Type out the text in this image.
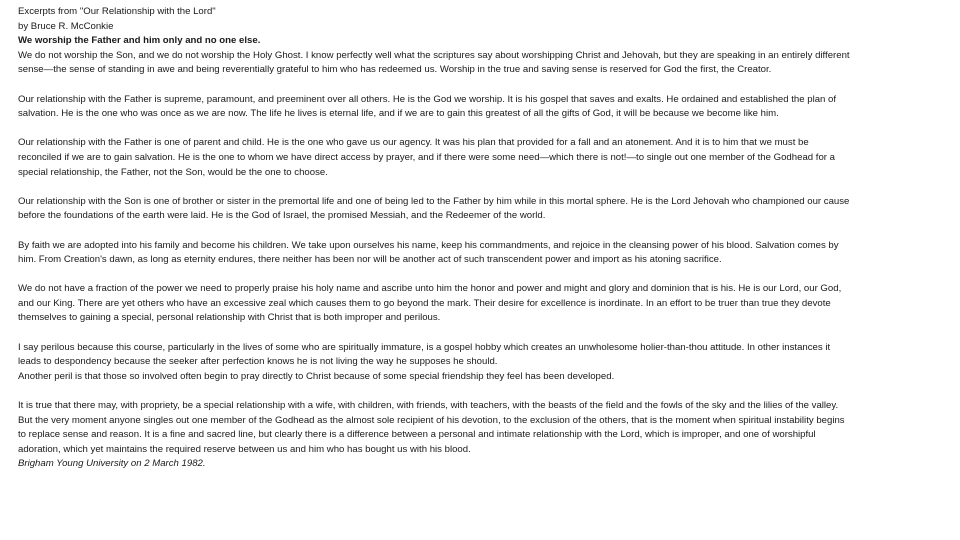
Excerpts from "Our Relationship with the Lord"

by Bruce R. McConkie

We worship the Father and him only and no one else.

We do not worship the Son, and we do not worship the Holy Ghost. I know perfectly well what the scriptures say about worshipping Christ and Jehovah, but they are speaking in an entirely different sense—the sense of standing in awe and being reverentially grateful to him who has redeemed us. Worship in the true and saving sense is reserved for God the first, the Creator.

Our relationship with the Father is supreme, paramount, and preeminent over all others. He is the God we worship. It is his gospel that saves and exalts. He ordained and established the plan of salvation. He is the one who was once as we are now. The life he lives is eternal life, and if we are to gain this greatest of all the gifts of God, it will be because we become like him.

Our relationship with the Father is one of parent and child. He is the one who gave us our agency. It was his plan that provided for a fall and an atonement. And it is to him that we must be reconciled if we are to gain salvation. He is the one to whom we have direct access by prayer, and if there were some need—which there is not!—to single out one member of the Godhead for a special relationship, the Father, not the Son, would be the one to choose.

Our relationship with the Son is one of brother or sister in the premortal life and one of being led to the Father by him while in this mortal sphere. He is the Lord Jehovah who championed our cause before the foundations of the earth were laid. He is the God of Israel, the promised Messiah, and the Redeemer of the world.

By faith we are adopted into his family and become his children. We take upon ourselves his name, keep his commandments, and rejoice in the cleansing power of his blood. Salvation comes by him. From Creation's dawn, as long as eternity endures, there neither has been nor will be another act of such transcendent power and import as his atoning sacrifice.

We do not have a fraction of the power we need to properly praise his holy name and ascribe unto him the honor and power and might and glory and dominion that is his. He is our Lord, our God, and our King. There are yet others who have an excessive zeal which causes them to go beyond the mark. Their desire for excellence is inordinate. In an effort to be truer than true they devote themselves to gaining a special, personal relationship with Christ that is both improper and perilous.

I say perilous because this course, particularly in the lives of some who are spiritually immature, is a gospel hobby which creates an unwholesome holier-than-thou attitude. In other instances it leads to despondency because the seeker after perfection knows he is not living the way he supposes he should.

Another peril is that those so involved often begin to pray directly to Christ because of some special friendship they feel has been developed.

It is true that there may, with propriety, be a special relationship with a wife, with children, with friends, with teachers, with the beasts of the field and the fowls of the sky and the lilies of the valley. But the very moment anyone singles out one member of the Godhead as the almost sole recipient of his devotion, to the exclusion of the others, that is the moment when spiritual instability begins to replace sense and reason. It is a fine and sacred line, but clearly there is a difference between a personal and intimate relationship with the Lord, which is improper, and one of worshipful adoration, which yet maintains the required reserve between us and him who has bought us with his blood.

Brigham Young University on 2 March 1982.
